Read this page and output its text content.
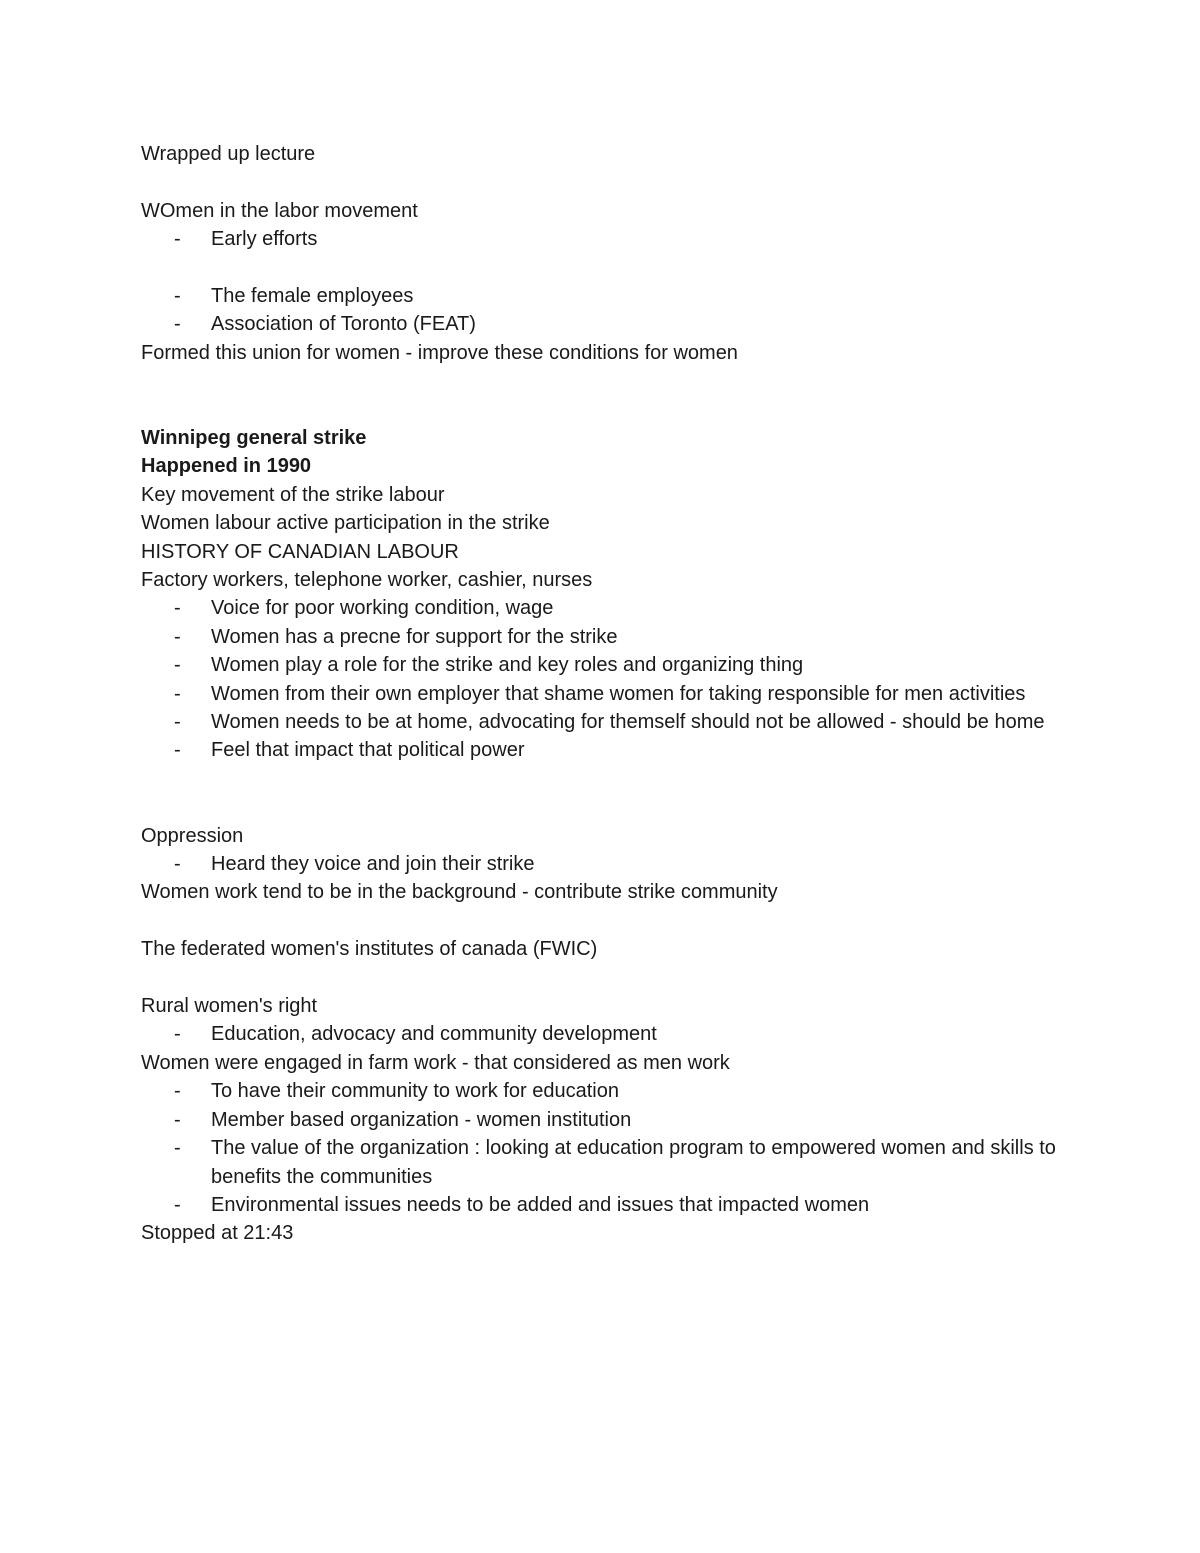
Wrapped up lecture

WOmen in the labor movement

-	Early efforts
-	The female employees
-	Association of Toronto (FEAT)

Formed this union for women - improve these conditions for women

Winnipeg general strike

Happened in 1990

Key movement of the strike labour

Women labour active participation in the strike

HISTORY OF CANADIAN LABOUR

Factory workers, telephone worker, cashier, nurses

-	Voice for poor working condition, wage
-	Women has a precne for support for the strike
-	Women play a role for the strike and key roles and organizing thing
-	Women from their own employer that shame women for taking responsible for men activities
-	Women needs to be at home, advocating for themself should not be allowed - should be home
-	Feel that impact that political power

Oppression

-	Heard they voice and join their strike

Women work tend to be in the background - contribute strike community

The federated women's institutes of canada (FWIC)

Rural women's right

-	Education, advocacy and community development

Women were engaged in farm work - that considered as men work

-	To have their community to work for education
-	Member based organization - women institution
-	The value of the organization : looking at education program to empowered women and skills to benefits the communities
-	Environmental issues needs to be added and issues that impacted women

Stopped at 21:43
